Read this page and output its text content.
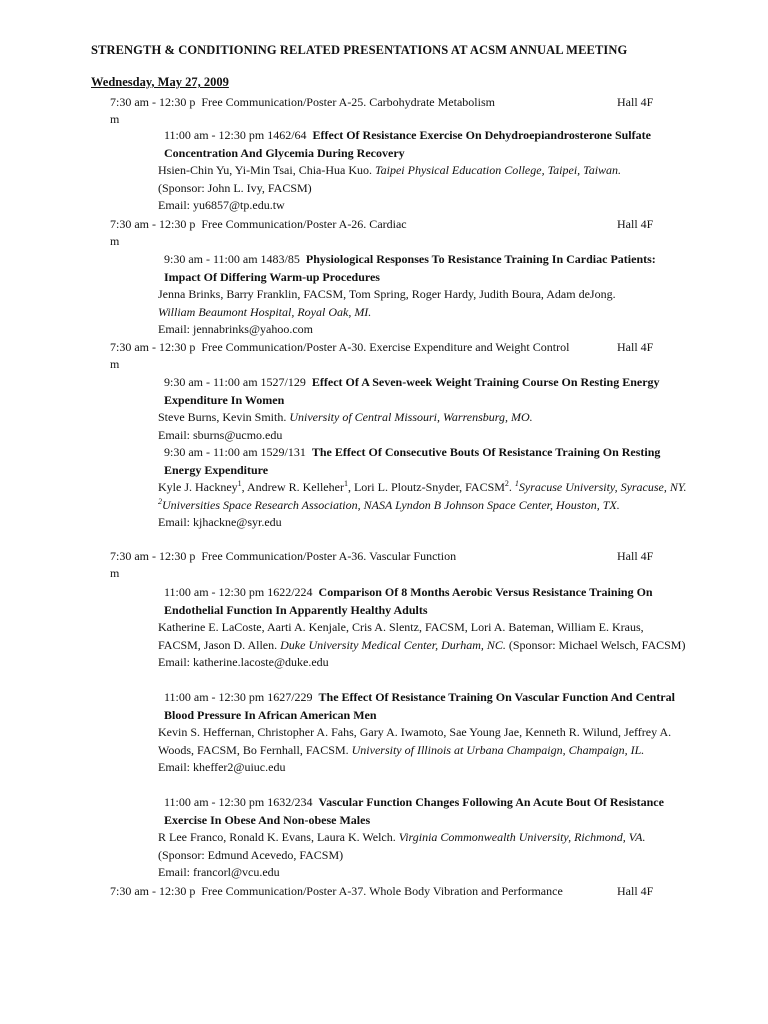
STRENGTH & CONDITIONING RELATED PRESENTATIONS AT ACSM ANNUAL MEETING
Wednesday, May 27, 2009
7:30 am - 12:30 p Free Communication/Poster A-25. Carbohydrate Metabolism	Hall 4F
m
11:00 am - 12:30 pm 1462/64 Effect Of Resistance Exercise On Dehydroepiandrosterone Sulfate Concentration And Glycemia During Recovery
Hsien-Chin Yu, Yi-Min Tsai, Chia-Hua Kuo. Taipei Physical Education College, Taipei, Taiwan.
(Sponsor: John L. Ivy, FACSM)
Email: yu6857@tp.edu.tw
7:30 am - 12:30 p Free Communication/Poster A-26. Cardiac	Hall 4F
m
9:30 am - 11:00 am 1483/85 Physiological Responses To Resistance Training In Cardiac Patients: Impact Of Differing Warm-up Procedures
Jenna Brinks, Barry Franklin, FACSM, Tom Spring, Roger Hardy, Judith Boura, Adam deJong.
William Beaumont Hospital, Royal Oak, MI.
Email: jennabrinks@yahoo.com
7:30 am - 12:30 p Free Communication/Poster A-30. Exercise Expenditure and Weight Control	Hall 4F
m
9:30 am - 11:00 am 1527/129 Effect Of A Seven-week Weight Training Course On Resting Energy Expenditure In Women
Steve Burns, Kevin Smith. University of Central Missouri, Warrensburg, MO.
Email: sburns@ucmo.edu
9:30 am - 11:00 am 1529/131 The Effect Of Consecutive Bouts Of Resistance Training On Resting Energy Expenditure
Kyle J. Hackney$^1$, Andrew R. Kelleher$^1$, Lori L. Ploutz-Snyder, FACSM$^2$. $^1$Syracuse University, Syracuse, NY. $^2$Universities Space Research Association, NASA Lyndon B Johnson Space Center, Houston, TX.
Email: kjhackne@syr.edu
7:30 am - 12:30 p Free Communication/Poster A-36. Vascular Function	Hall 4F
m
11:00 am - 12:30 pm 1622/224 Comparison Of 8 Months Aerobic Versus Resistance Training On Endothelial Function In Apparently Healthy Adults
Katherine E. LaCoste, Aarti A. Kenjale, Cris A. Slentz, FACSM, Lori A. Bateman, William E. Kraus, FACSM, Jason D. Allen. Duke University Medical Center, Durham, NC. (Sponsor: Michael Welsch, FACSM)
Email: katherine.lacoste@duke.edu
11:00 am - 12:30 pm 1627/229 The Effect Of Resistance Training On Vascular Function And Central Blood Pressure In African American Men
Kevin S. Heffernan, Christopher A. Fahs, Gary A. Iwamoto, Sae Young Jae, Kenneth R. Wilund, Jeffrey A. Woods, FACSM, Bo Fernhall, FACSM. University of Illinois at Urbana Champaign, Champaign, IL.
Email: kheffer2@uiuc.edu
11:00 am - 12:30 pm 1632/234 Vascular Function Changes Following An Acute Bout Of Resistance Exercise In Obese And Non-obese Males
R Lee Franco, Ronald K. Evans, Laura K. Welch. Virginia Commonwealth University, Richmond, VA.
(Sponsor: Edmund Acevedo, FACSM)
Email: francorl@vcu.edu
7:30 am - 12:30 p Free Communication/Poster A-37. Whole Body Vibration and Performance	Hall 4F
